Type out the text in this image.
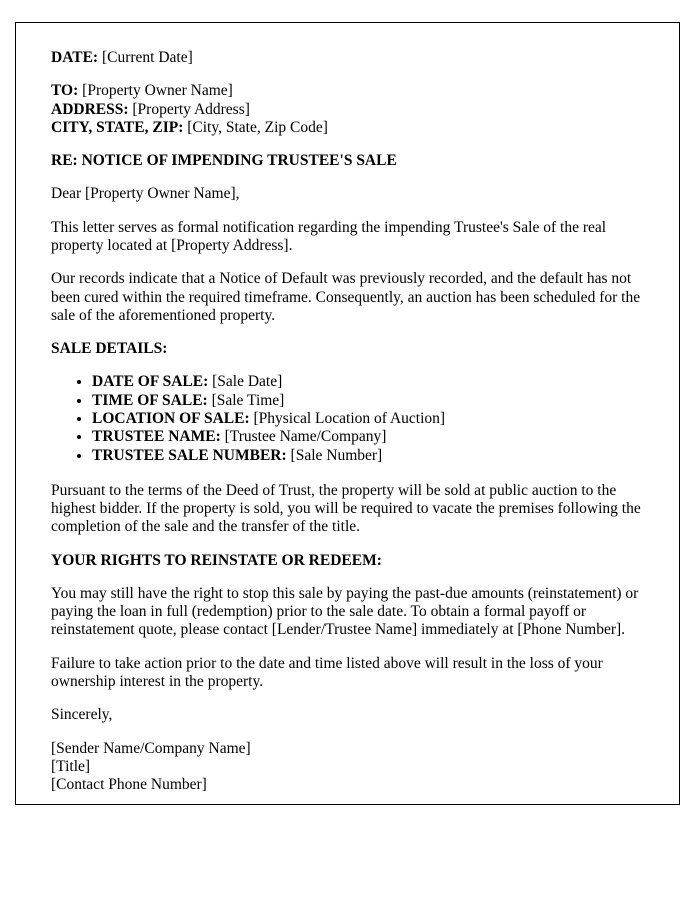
DATE: [Current Date]

TO: [Property Owner Name]
ADDRESS: [Property Address]
CITY, STATE, ZIP: [City, State, Zip Code]

RE: NOTICE OF IMPENDING TRUSTEE'S SALE

Dear [Property Owner Name],

This letter serves as formal notification regarding the impending Trustee's Sale of the real property located at [Property Address].

Our records indicate that a Notice of Default was previously recorded, and the default has not been cured within the required timeframe. Consequently, an auction has been scheduled for the sale of the aforementioned property.

SALE DETAILS:

• DATE OF SALE: [Sale Date]
• TIME OF SALE: [Sale Time]
• LOCATION OF SALE: [Physical Location of Auction]
• TRUSTEE NAME: [Trustee Name/Company]
• TRUSTEE SALE NUMBER: [Sale Number]

Pursuant to the terms of the Deed of Trust, the property will be sold at public auction to the highest bidder. If the property is sold, you will be required to vacate the premises following the completion of the sale and the transfer of the title.

YOUR RIGHTS TO REINSTATE OR REDEEM:

You may still have the right to stop this sale by paying the past-due amounts (reinstatement) or paying the loan in full (redemption) prior to the sale date. To obtain a formal payoff or reinstatement quote, please contact [Lender/Trustee Name] immediately at [Phone Number].

Failure to take action prior to the date and time listed above will result in the loss of your ownership interest in the property.

Sincerely,

[Sender Name/Company Name]
[Title]
[Contact Phone Number]
